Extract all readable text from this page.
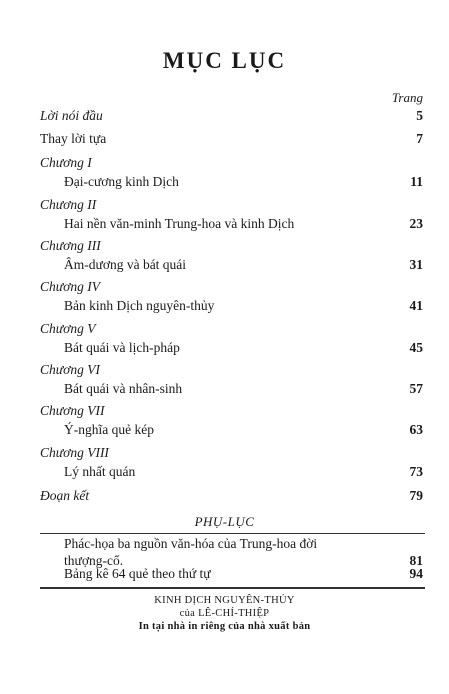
MỤC LỤC
Trang
Lời nói đầu	5
Thay lời tựa	7
Chương I
Đại-cương kinh Dịch	11
Chương II
Hai nền văn-minh Trung-hoa và kinh Dịch	23
Chương III
Âm-dương và bát quái	31
Chương IV
Bản kinh Dịch nguyên-thủy	41
Chương V
Bát quái và lịch-pháp	45
Chương VI
Bát quái và nhân-sinh	57
Chương VII
Ý-nghĩa quẻ kép	63
Chương VIII
Lý nhất quán	73
Đoạn kết	79
PHỤ-LỤC
Phác-họa ba nguồn văn-hóa của Trung-hoa đời
thượng-cổ.	81
Bảng kê 64 quẻ theo thứ tự	94
KINH DỊCH NGUYÊN-THỦY
của LÊ-CHÍ-THIỆP
In tại nhà in riêng của nhà xuất bản
